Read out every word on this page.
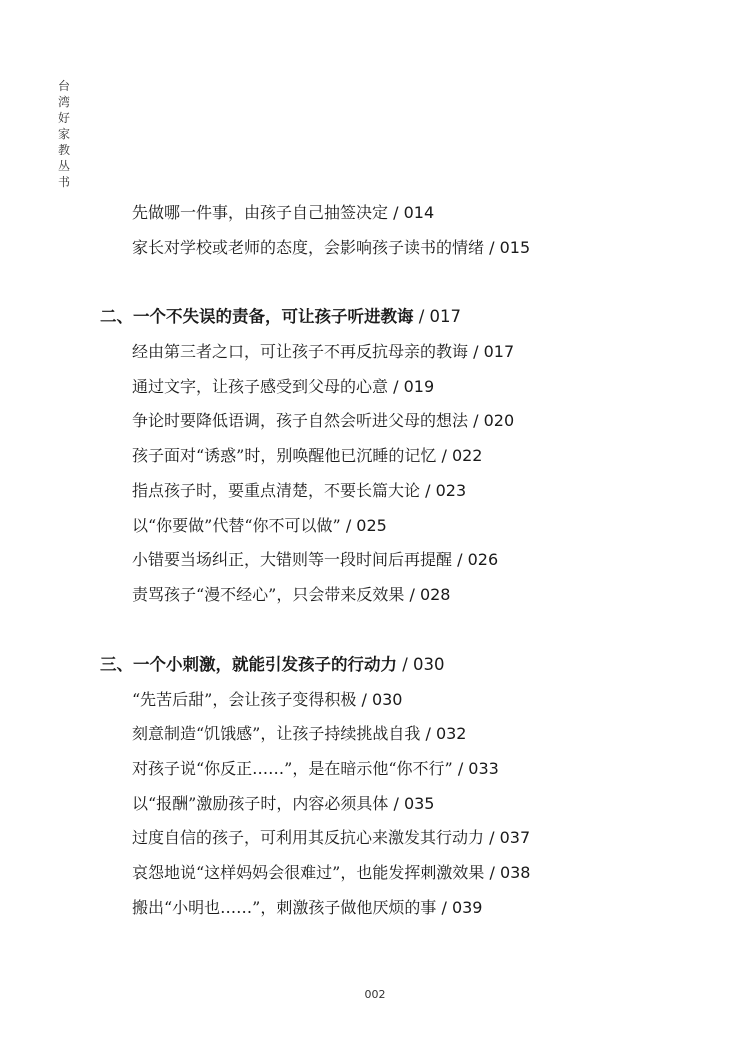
台
湾
好
家
教
丛
书
先做哪一件事，由孩子自己抽签决定 / 014
家长对学校或老师的态度，会影响孩子读书的情绪 / 015
二、一个不失误的责备，可让孩子听进教诲 / 017
经由第三者之口，可让孩子不再反抗母亲的教诲 / 017
通过文字，让孩子感受到父母的心意 / 019
争论时要降低语调，孩子自然会听进父母的想法 / 020
孩子面对“诱惑”时，别唤醒他已沉睡的记忆 / 022
指点孩子时，要重点清楚，不要长篇大论 / 023
以“你要做”代替“你不可以做” / 025
小错要当场纠正，大错则等一段时间后再提醒 / 026
责骂孩子“漫不经心”，只会带来反效果 / 028
三、一个小刺激，就能引发孩子的行动力 / 030
“先苦后甜”，会让孩子变得积极 / 030
刻意制造“饥饿感”，让孩子持续挑战自我 / 032
对孩子说“你反正……”，是在暗示他“你不行” / 033
以“报酬”激励孩子时，内容必须具体 / 035
过度自信的孩子，可利用其反抗心来激发其行动力 / 037
哀怨地说“这样妈妈会很难过”，也能发挥刺激效果 / 038
搬出“小明也……”，刺激孩子做他厌烦的事 / 039
002
